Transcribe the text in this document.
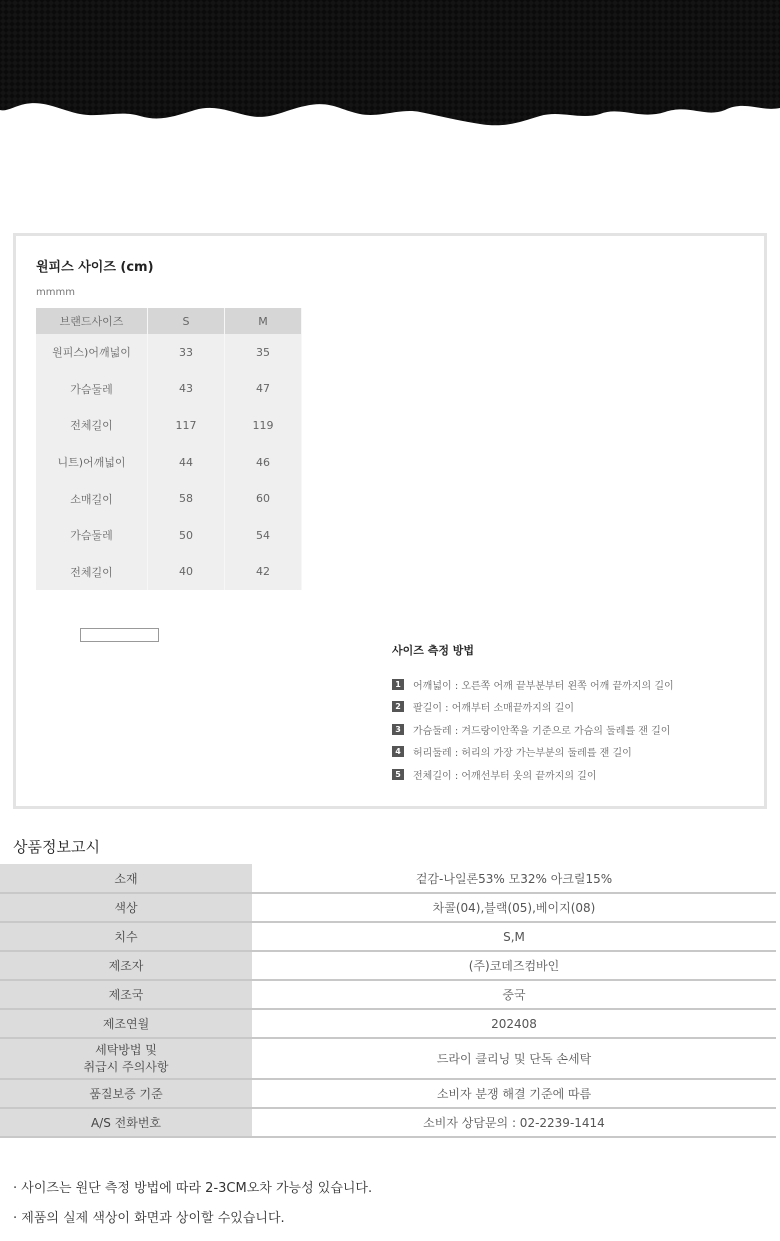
원피스 사이즈 (cm)
mmmm
브랜드사이즈	S	M
원피스)어깨넓이	33	35
가슴둘레	43	47
전체길이	117	119
니트)어깨넓이	44	46
소매길이	58	60
가슴둘레	50	54
전체길이	40	42
사이즈 측정 방법
1	어깨넓이 : 오른쪽 어깨 끝부분부터 왼쪽 어깨 끝까지의 길이
2	팔길이 : 어깨부터 소매끝까지의 길이
3	가슴둘레 : 겨드랑이안쪽을 기준으로 가슴의 둘레를 잰 길이
4	허리둘레 : 허리의 가장 가는부분의 둘레를 잰 길이
5	전체길이 : 어깨선부터 옷의 끝까지의 길이
상품정보고시
소재	겉감-나일론53% 모32% 아크릴15%
색상	차콜(04),블랙(05),베이지(08)
치수	S,M
제조자	(주)코데즈컴바인
제조국	중국
제조연월	202408
세탁방법 및
취급시 주의사항	드라이 클리닝 및 단독 손세탁
품질보증 기준	소비자 분쟁 해결 기준에 따름
A/S 전화번호	소비자 상담문의 : 02-2239-1414
· 사이즈는 원단 측정 방법에 따라 2-3CM오차 가능성 있습니다.
· 제품의 실제 색상이 화면과 상이할 수있습니다.
